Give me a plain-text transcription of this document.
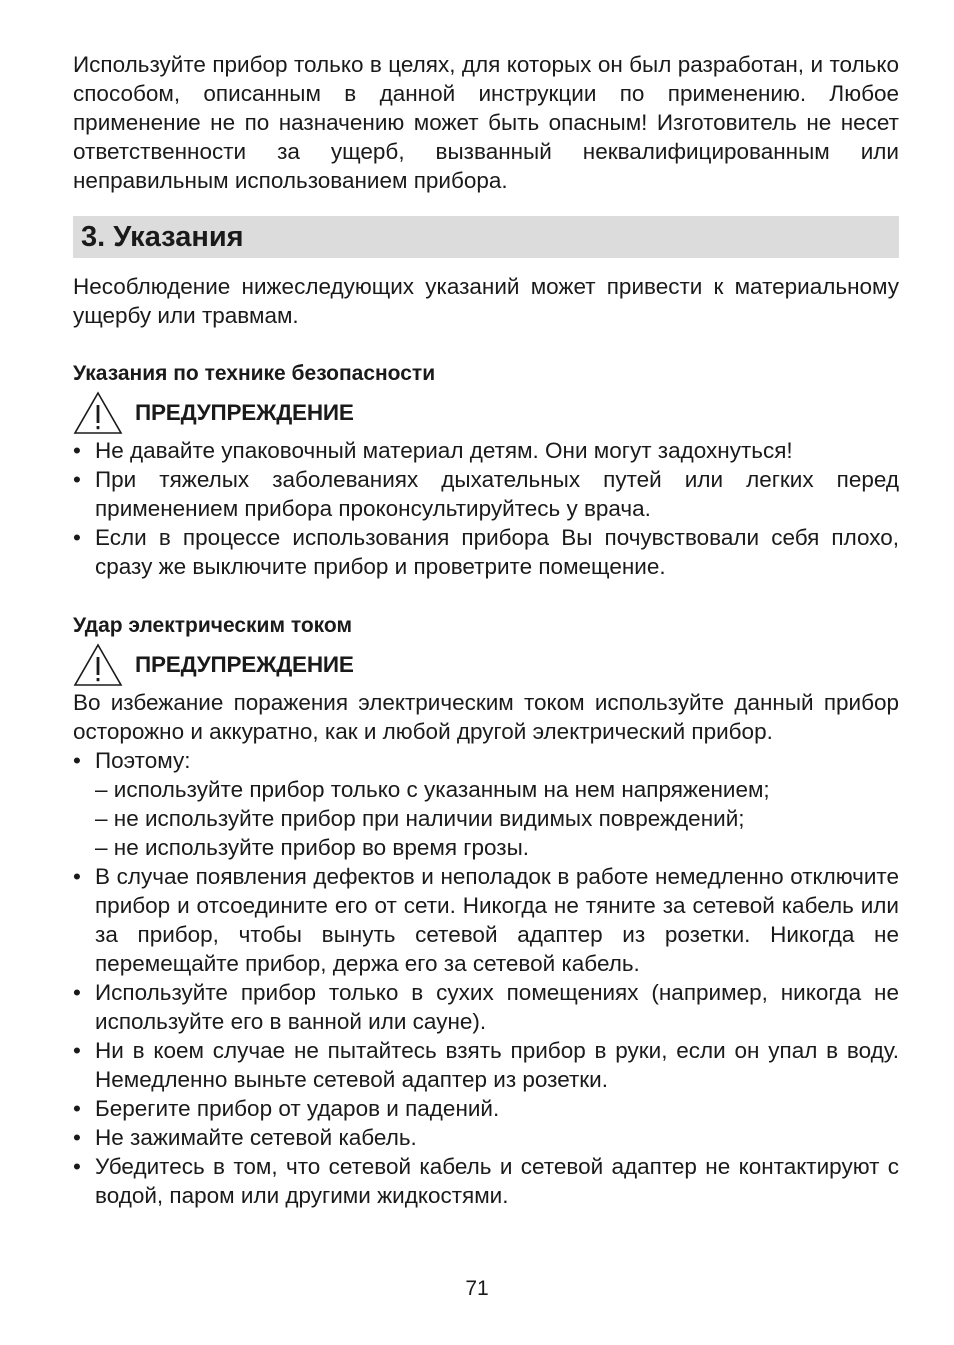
Используйте прибор только в целях, для которых он был разработан, и только способом, описанным в данной инструкции по применению. Любое применение не по назначению может быть опасным! Изготовитель не несет ответственности за ущерб, вызванный неквалифицированным или неправильным использованием прибора.

3. Указания

Несоблюдение нижеследующих указаний может привести к материальному ущербу или травмам.

Указания по технике безопасности

ПРЕДУПРЕЖДЕНИЕ
• Не давайте упаковочный материал детям. Они могут задохнуться!
• При тяжелых заболеваниях дыхательных путей или легких перед применением прибора проконсультируйтесь у врача.
• Если в процессе использования прибора Вы почувствовали себя плохо, сразу же выключите прибор и проветрите помещение.

Удар электрическим током

ПРЕДУПРЕЖДЕНИЕ

Во избежание поражения электрическим током используйте данный прибор осторожно и аккуратно, как и любой другой электрический прибор.

• Поэтому:
– используйте прибор только с указанным на нем напряжением;
– не используйте прибор при наличии видимых повреждений;
– не используйте прибор во время грозы.
• В случае появления дефектов и неполадок в работе немедленно отключите прибор и отсоедините его от сети. Никогда не тяните за сетевой кабель или за прибор, чтобы вынуть сетевой адаптер из розетки. Никогда не перемещайте прибор, держа его за сетевой кабель.
• Используйте прибор только в сухих помещениях (например, никогда не используйте его в ванной или сауне).
• Ни в коем случае не пытайтесь взять прибор в руки, если он упал в воду. Немедленно выньте сетевой адаптер из розетки.
• Берегите прибор от ударов и падений.
• Не зажимайте сетевой кабель.
• Убедитесь в том, что сетевой кабель и сетевой адаптер не контактируют с водой, паром или другими жидкостями.
71
